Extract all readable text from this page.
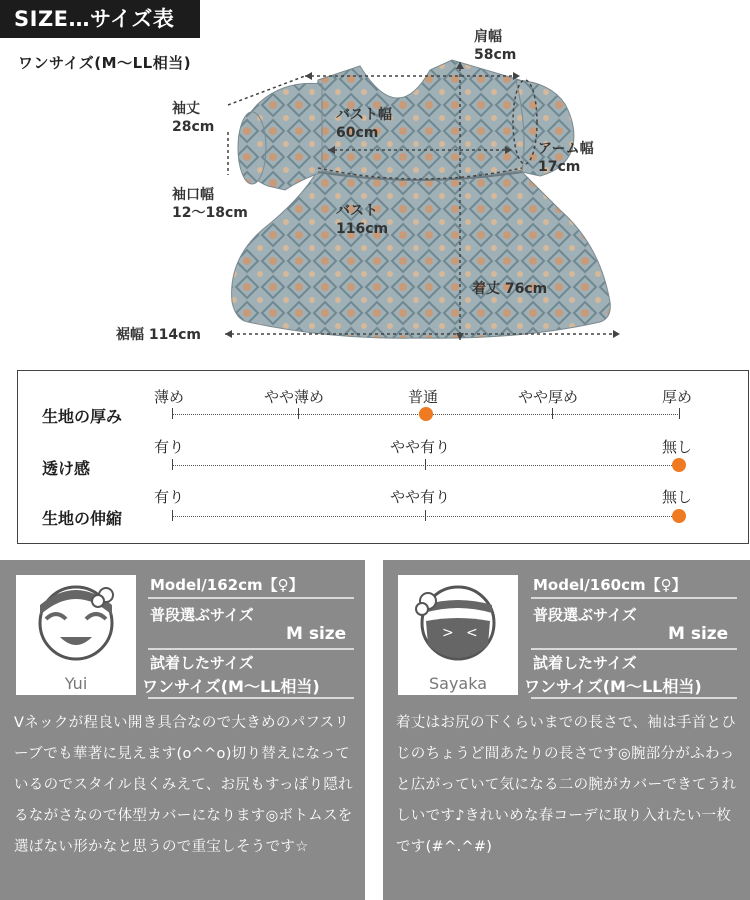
SIZE…サイズ表
ワンサイズ(M〜LL相当)
肩幅
58cm
袖丈
28cm
バスト幅
60cm
アーム幅
17cm
袖口幅
12〜18cm	バスト
116cm
着丈 76cm
裾幅 114cm
生地の厚み
薄め	やや薄め	普通	やや厚め	厚め
透け感
有り	やや有り	無し
生地の伸縮
有り	やや有り	無し
Yui
Model/162cm【♀】
普段選ぶサイズ
M size
試着したサイズ
ワンサイズ(M〜LL相当)
Vネックが程良い開き具合なので大きめのパフスリーブでも華著に見えます(o^^o)切り替えになっているのでスタイル良くみえて、お尻もすっぽり隠れるながさなので体型カバーになります◎ボトムスを選ばない形かなと思うので重宝しそうです☆
> <
Sayaka
Model/160cm【♀】
普段選ぶサイズ
M size
試着したサイズ
ワンサイズ(M〜LL相当)
着丈はお尻の下くらいまでの長さで、袖は手首とひじのちょうど間あたりの長さです◎腕部分がふわっと広がっていて気になる二の腕がカバーできてうれしいです♪きれいめな春コーデに取り入れたい一枚です(#^.^#)
